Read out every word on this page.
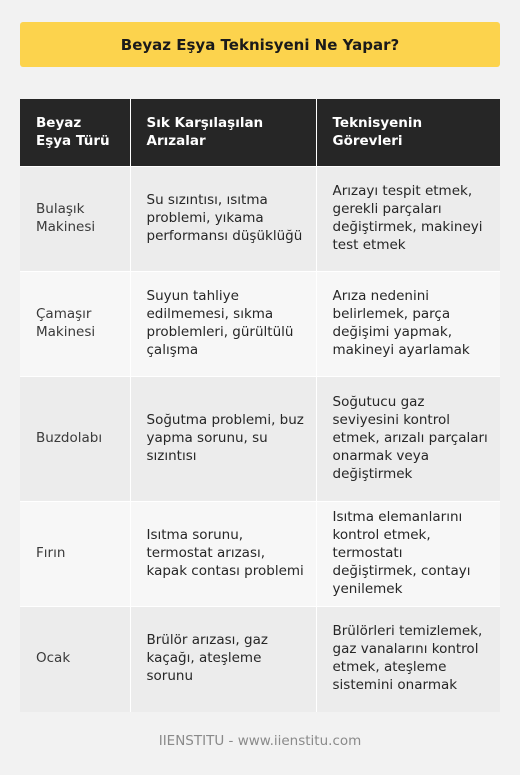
Beyaz Eşya Teknisyeni Ne Yapar?
Beyaz Eşya Türü	Sık Karşılaşılan Arızalar	Teknisyenin Görevleri
Bulaşık Makinesi	Su sızıntısı, ısıtma problemi, yıkama performansı düşüklüğü	Arızayı tespit etmek, gerekli parçaları değiştirmek, makineyi test etmek
Çamaşır Makinesi	Suyun tahliye edilmemesi, sıkma problemleri, gürültülü çalışma	Arıza nedenini belirlemek, parça değişimi yapmak, makineyi ayarlamak
Buzdolabı	Soğutma problemi, buz yapma sorunu, su sızıntısı	Soğutucu gaz seviyesini kontrol etmek, arızalı parçaları onarmak veya değiştirmek
Fırın	Isıtma sorunu, termostat arızası, kapak contası problemi	Isıtma elemanlarını kontrol etmek, termostatı değiştirmek, contayı yenilemek
Ocak	Brülör arızası, gaz kaçağı, ateşleme sorunu	Brülörleri temizlemek, gaz vanalarını kontrol etmek, ateşleme sistemini onarmak
IIENSTITU - www.iienstitu.com
